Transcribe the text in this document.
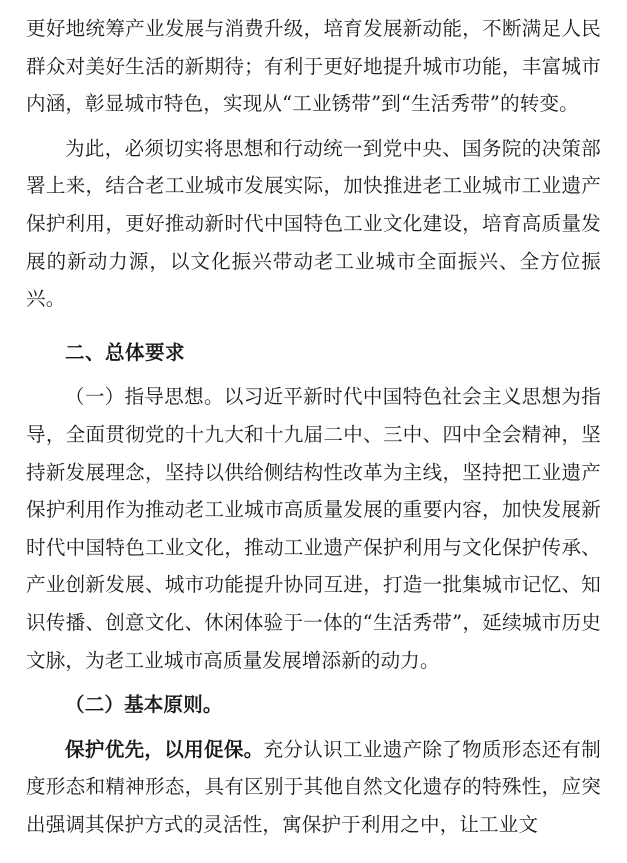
更好地统筹产业发展与消费升级，培育发展新动能，不断满足人民群众对美好生活的新期待；有利于更好地提升城市功能，丰富城市内涵，彰显城市特色，实现从“工业锈带”到“生活秀带”的转变。

为此，必须切实将思想和行动统一到党中央、国务院的决策部署上来，结合老工业城市发展实际，加快推进老工业城市工业遗产保护利用，更好推动新时代中国特色工业文化建设，培育高质量发展的新动力源，以文化振兴带动老工业城市全面振兴、全方位振兴。

二、总体要求

（一）指导思想。以习近平新时代中国特色社会主义思想为指导，全面贯彻党的十九大和十九届二中、三中、四中全会精神，坚持新发展理念，坚持以供给侧结构性改革为主线，坚持把工业遗产保护利用作为推动老工业城市高质量发展的重要内容，加快发展新时代中国特色工业文化，推动工业遗产保护利用与文化保护传承、产业创新发展、城市功能提升协同互进，打造一批集城市记忆、知识传播、创意文化、休闲体验于一体的“生活秀带”，延续城市历史文脉，为老工业城市高质量发展增添新的动力。

（二）基本原则。

保护优先，以用促保。充分认识工业遗产除了物质形态还有制度形态和精神形态，具有区别于其他自然文化遗存的特殊性，应突出强调其保护方式的灵活性，寓保护于利用之中，让工业文
